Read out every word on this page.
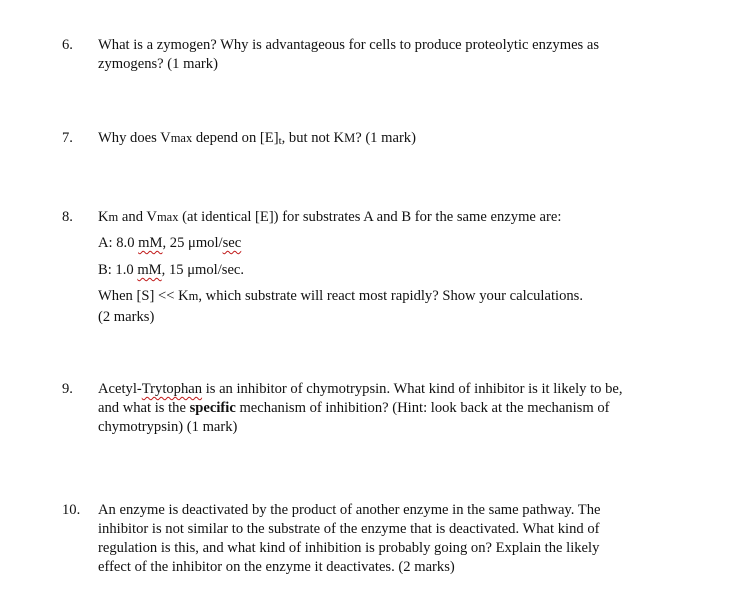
6. What is a zymogen? Why is advantageous for cells to produce proteolytic enzymes as
zymogens? (1 mark)
7. Why does Vmax depend on [E]t, but not KM? (1 mark)
8. Km and Vmax (at identical [E]) for substrates A and B for the same enzyme are:
A: 8.0 mM, 25 μmol/sec
B: 1.0 mM, 15 μmol/sec.
When [S] << Km, which substrate will react most rapidly? Show your calculations.
(2 marks)
9. Acetyl-Trytophan is an inhibitor of chymotrypsin. What kind of inhibitor is it likely to be,
and what is the specific mechanism of inhibition? (Hint: look back at the mechanism of
chymotrypsin) (1 mark)
10. An enzyme is deactivated by the product of another enzyme in the same pathway. The
inhibitor is not similar to the substrate of the enzyme that is deactivated. What kind of
regulation is this, and what kind of inhibition is probably going on? Explain the likely
effect of the inhibitor on the enzyme it deactivates. (2 marks)
